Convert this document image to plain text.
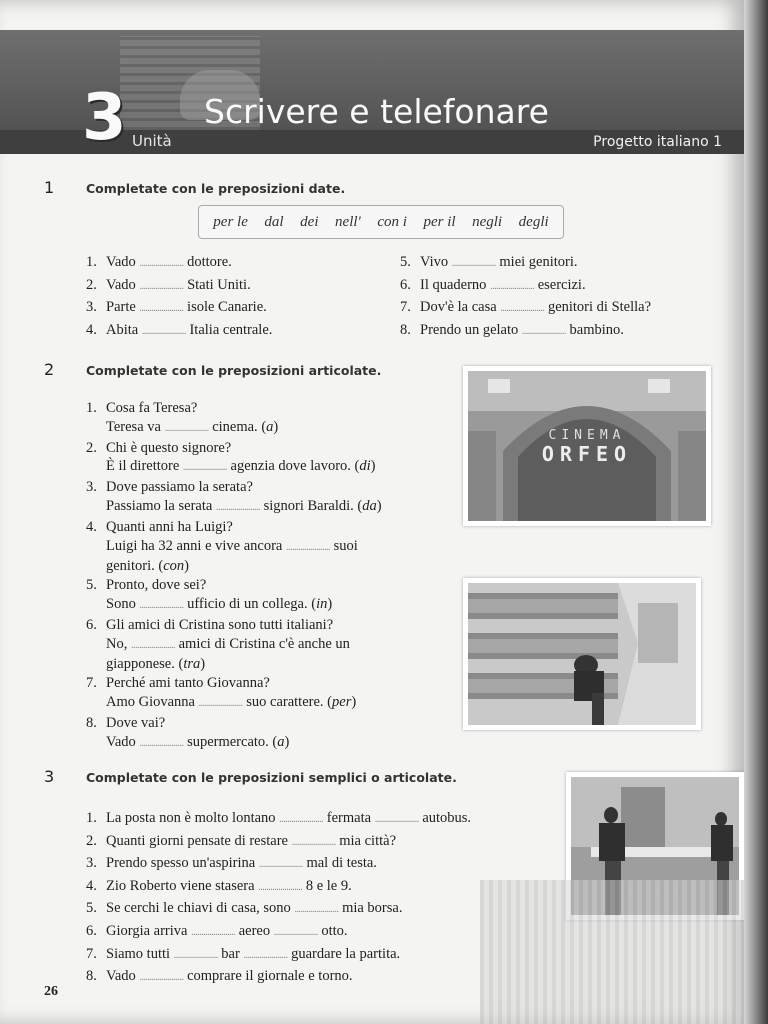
3 Unità
Scrivere e telefonare
Progetto italiano 1
1	Completate con le preposizioni date.
per le dal dei nell' con i per il negli degli
1. Vado ...................... dottore.
2. Vado ...................... Stati Uniti.
3. Parte ...................... isole Canarie.
4. Abita ...................... Italia centrale.
5. Vivo ...................... miei genitori.
6. Il quaderno ...................... esercizi.
7. Dov'è la casa ...................... genitori di Stella?
8. Prendo un gelato ...................... bambino.
2	Completate con le preposizioni articolate.
1. Cosa fa Teresa?
Teresa va ...................... cinema. (a)
2. Chi è questo signore?
È il direttore ...................... agenzia dove lavoro. (di)
3. Dove passiamo la serata?
Passiamo la serata ...................... signori Baraldi. (da)
4. Quanti anni ha Luigi?
Luigi ha 32 anni e vive ancora ...................... suoi
genitori. (con)
5. Pronto, dove sei?
Sono ...................... ufficio di un collega. (in)
6. Gli amici di Cristina sono tutti italiani?
No, ...................... amici di Cristina c'è anche un
giapponese. (tra)
7. Perché ami tanto Giovanna?
Amo Giovanna ...................... suo carattere. (per)
8. Dove vai?
Vado ...................... supermercato. (a)
CINEMA
ORFEO
3	Completate con le preposizioni semplici o articolate.
1. La posta non è molto lontano ...................... fermata ...................... autobus.
2. Quanti giorni pensate di restare ...................... mia città?
3. Prendo spesso un'aspirina ...................... mal di testa.
4. Zio Roberto viene stasera ...................... 8 e le 9.
5. Se cerchi le chiavi di casa, sono ...................... mia borsa.
6. Giorgia arriva ...................... aereo ...................... otto.
7. Siamo tutti ...................... bar ...................... guardare la partita.
8. Vado ...................... comprare il giornale e torno.
26
